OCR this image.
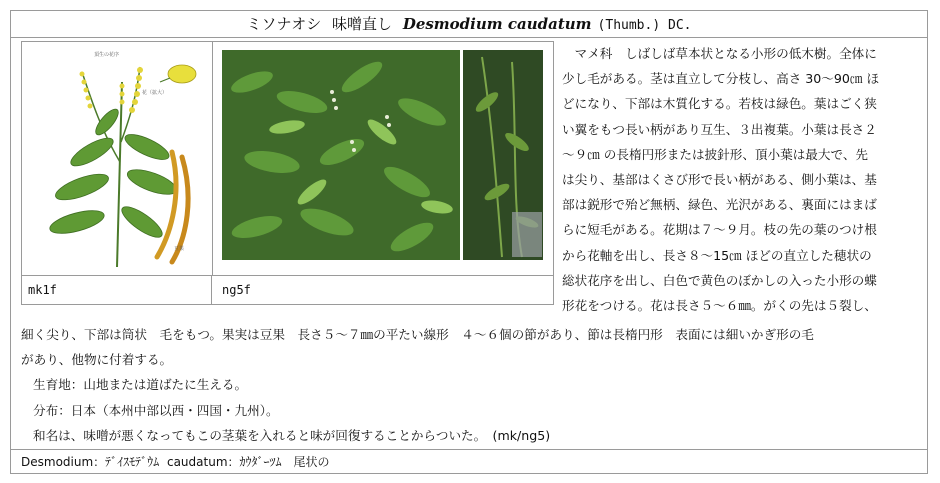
ミソナオシ 味噌直し Desmodium caudatum (Thumb.) DC.
花（拡大）
頂生の花序
豆果
mk1f	ng5f

　マメ科　しばしば草本状となる小形の低木樹。全体に

少し毛がある。茎は直立して分枝し、高さ 30～90㎝ ほ

どになり、下部は木質化する。若枝は緑色。葉はごく狭

い翼をもつ長い柄があり互生、３出複葉。小葉は長さ２

～９㎝ の長楕円形または披針形、頂小葉は最大で、先

は尖り、基部はくさび形で長い柄がある、側小葉は、基

部は鋭形で殆ど無柄、緑色、光沢がある、裏面にはまば

らに短毛がある。花期は７～９月。枝の先の葉のつけ根

から花軸を出し、長さ８～15㎝ ほどの直立した穂状の

総状花序を出し、白色で黄色のぼかしの入った小形の蝶

形花をつける。花は長さ５～６㎜。がくの先は５裂し、

細く尖り、下部は筒状　毛をもつ。果実は豆果　長さ５～７㎜の平たい線形　４～６個の節があり、節は長楕円形　表面には細いかぎ形の毛

があり、他物に付着する。

生育地：山地または道ばたに生える。

分布：日本（本州中部以西・四国・九州）。

和名は、味噌が悪くなってもこの茎葉を入れると味が回復することからついた。　(mk/ng5)

Desmodium：ﾃﾞｲｽﾓﾃﾞｳﾑ caudatum：ｶｳﾀﾞｰﾂﾑ　尾状の
